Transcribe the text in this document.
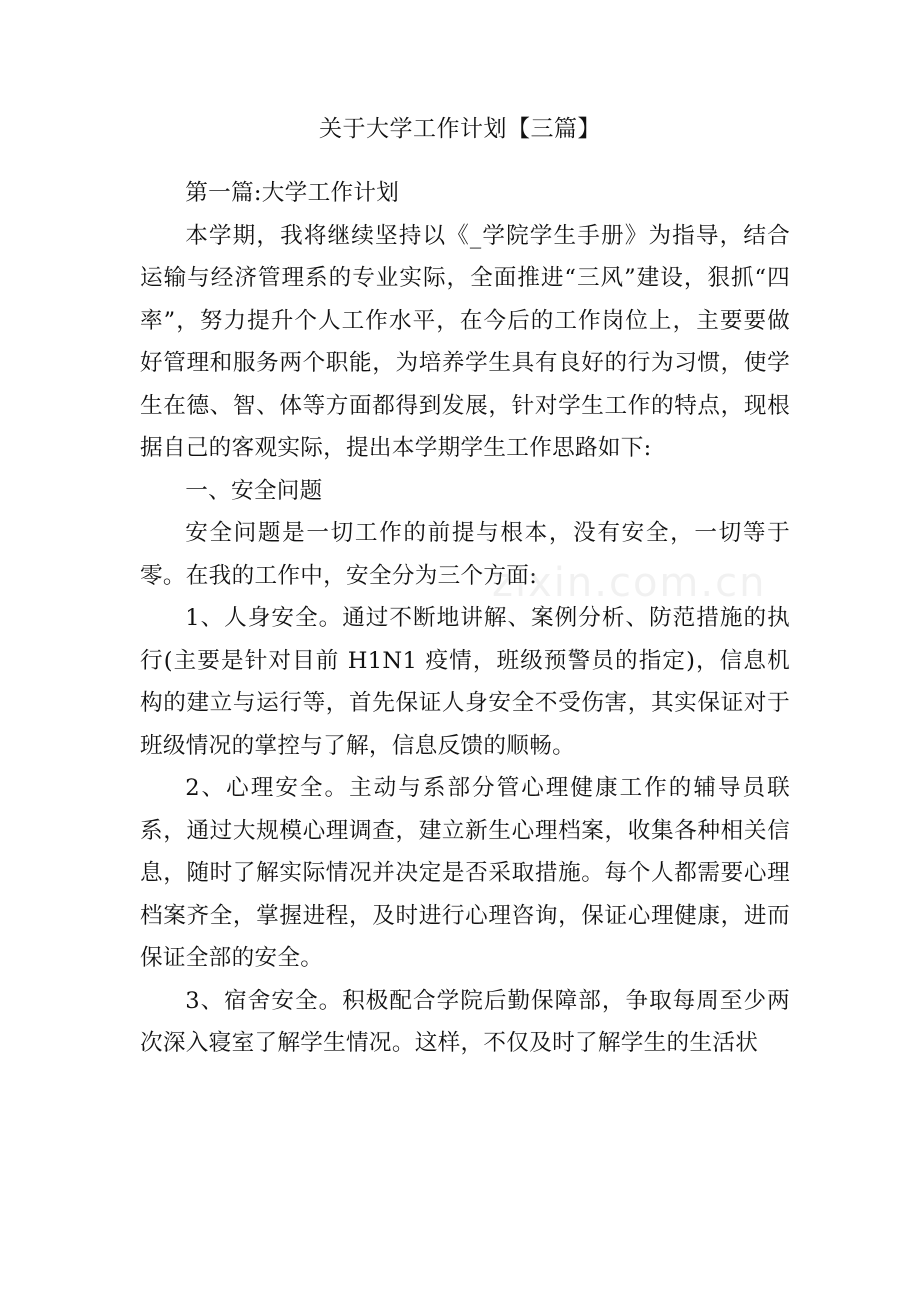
关于大学工作计划【三篇】

第一篇:大学工作计划

本学期，我将继续坚持以《_学院学生手册》为指导，结合运输与经济管理系的专业实际，全面推进“三风”建设，狠抓“四率”，努力提升个人工作水平，在今后的工作岗位上，主要要做好管理和服务两个职能，为培养学生具有良好的行为习惯，使学生在德、智、体等方面都得到发展，针对学生工作的特点，现根据自己的客观实际，提出本学期学生工作思路如下:

一、安全问题

安全问题是一切工作的前提与根本，没有安全，一切等于零。在我的工作中，安全分为三个方面:

1、人身安全。通过不断地讲解、案例分析、防范措施的执行(主要是针对目前 H1N1 疫情，班级预警员的指定)，信息机构的建立与运行等，首先保证人身安全不受伤害，其实保证对于班级情况的掌控与了解，信息反馈的顺畅。

2、心理安全。主动与系部分管心理健康工作的辅导员联系，通过大规模心理调查，建立新生心理档案，收集各种相关信息，随时了解实际情况并决定是否采取措施。每个人都需要心理档案齐全，掌握进程，及时进行心理咨询，保证心理健康，进而保证全部的安全。

3、宿舍安全。积极配合学院后勤保障部，争取每周至少两次深入寝室了解学生情况。这样，不仅及时了解学生的生活状

zixin.com.cn
